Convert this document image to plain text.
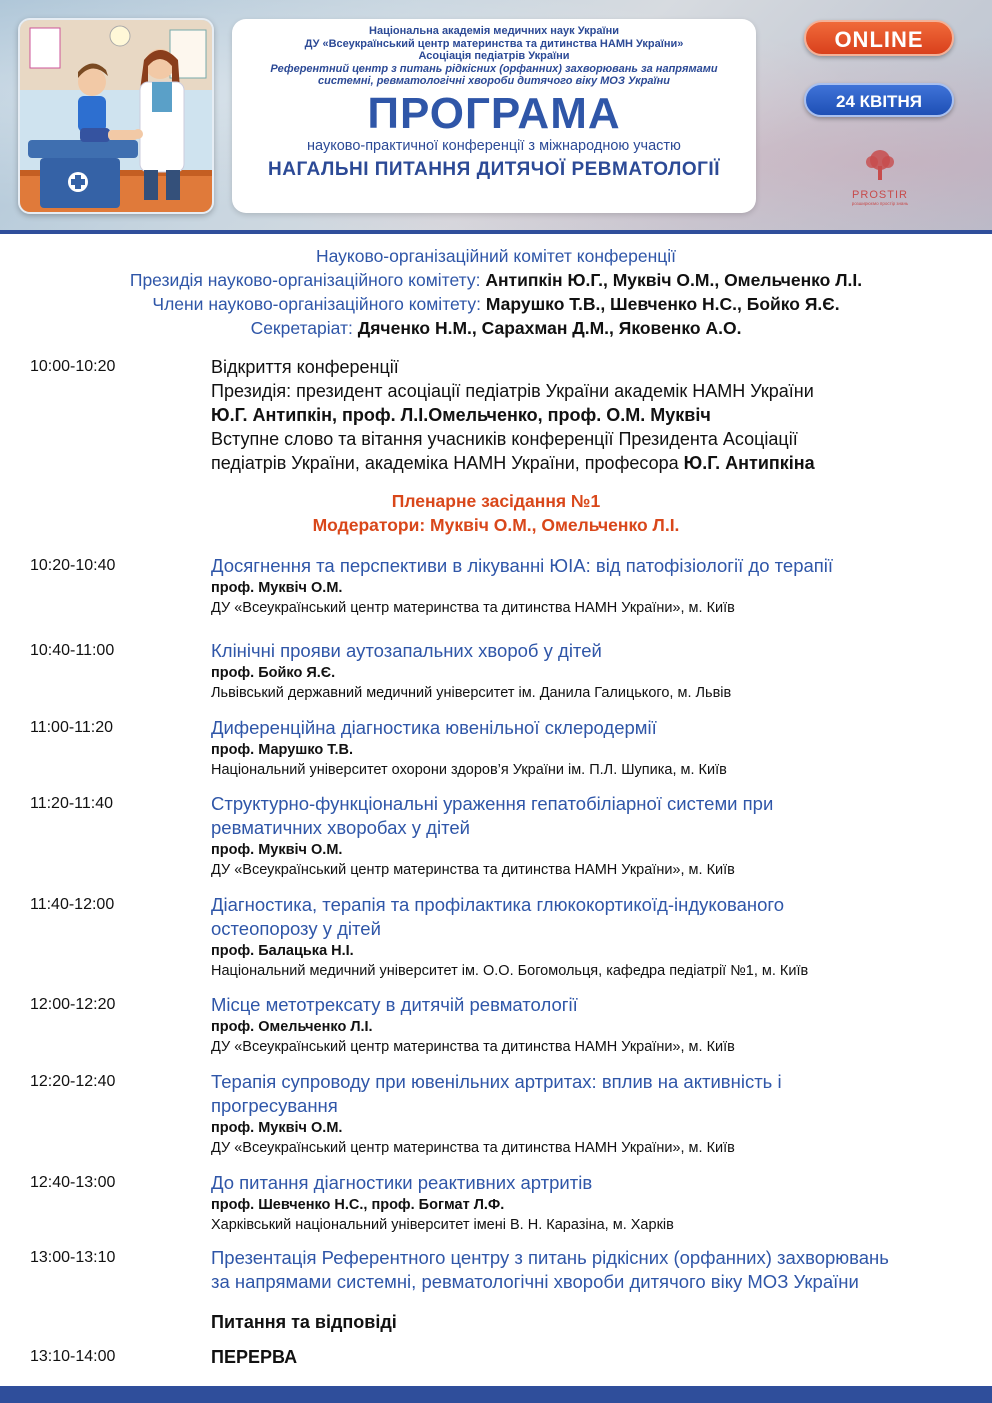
Національна академія медичних наук України
ДУ «Всеукраїнський центр материнства та дитинства НАМН України»
Асоціація педіатрів України
Референтний центр з питань рідкісних (орфанних) захворювань за напрямами
системні, ревматологічні хвороби дитячого віку МОЗ України
ПРОГРАМА
науково-практичної конференції з міжнародною участю
НАГАЛЬНІ ПИТАННЯ ДИТЯЧОЇ РЕВМАТОЛОГІЇ
ONLINE
24 КВІТНЯ
PROSTIR
розширюємо простір знань
Науково-організаційний комітет конференції
Президія науково-організаційного комітету: Антипкін Ю.Г., Муквіч О.М., Омельченко Л.І.
Члени науково-організаційного комітету: Марушко Т.В., Шевченко Н.С., Бойко Я.Є.
Секретаріат: Дяченко Н.М., Сарахман Д.М., Яковенко А.О.
10:00-10:20	Відкриття конференції
Президія: президент асоціації педіатрів України академік НАМН України
Ю.Г. Антипкін, проф. Л.І.Омельченко, проф. О.М. Муквіч
Вступне слово та вітання учасників конференції Президента Асоціації
педіатрів України, академіка НАМН України, професора Ю.Г. Антипкіна
Пленарне засідання №1
Модератори: Муквіч О.М., Омельченко Л.І.
10:20-10:40	Досягнення та перспективи в лікуванні ЮІА: від патофізіології до терапії
проф. Муквіч О.М.
ДУ «Всеукраїнський центр материнства та дитинства НАМН України», м. Київ
10:40-11:00	Клінічні прояви аутозапальних хвороб у дітей
проф. Бойко Я.Є.
Львівський державний медичний університет ім. Данила Галицького, м. Львів
11:00-11:20	Диференційна діагностика ювенільної склеродермії
проф. Марушко Т.В.
Національний університет охорони здоров’я України ім. П.Л. Шупика, м. Київ
11:20-11:40	Структурно-функціональні ураження гепатобіліарної системи при
ревматичних хворобах у дітей
проф. Муквіч О.М.
ДУ «Всеукраїнський центр материнства та дитинства НАМН України», м. Київ
11:40-12:00	Діагностика, терапія та профілактика глюкокортикоїд-індукованого
остеопорозу у дітей
проф. Балацька Н.І.
Національний медичний університет ім. О.О. Богомольця, кафедра педіатрії №1, м. Київ
12:00-12:20	Місце метотрексату в дитячій ревматології
проф. Омельченко Л.І.
ДУ «Всеукраїнський центр материнства та дитинства НАМН України», м. Київ
12:20-12:40	Терапія супроводу при ювенільних артритах: вплив на активність і
прогресування
проф. Муквіч О.М.
ДУ «Всеукраїнський центр материнства та дитинства НАМН України», м. Київ
12:40-13:00	До питання діагностики реактивних артритів
проф. Шевченко Н.С., проф. Богмат Л.Ф.
Харківський національний університет імені В. Н. Каразіна, м. Харків
13:00-13:10	Презентація Референтного центру з питань рідкісних (орфанних) захворювань
за напрямами системні, ревматологічні хвороби дитячого віку МОЗ України
Питання та відповіді
13:10-14:00	ПЕРЕРВА
